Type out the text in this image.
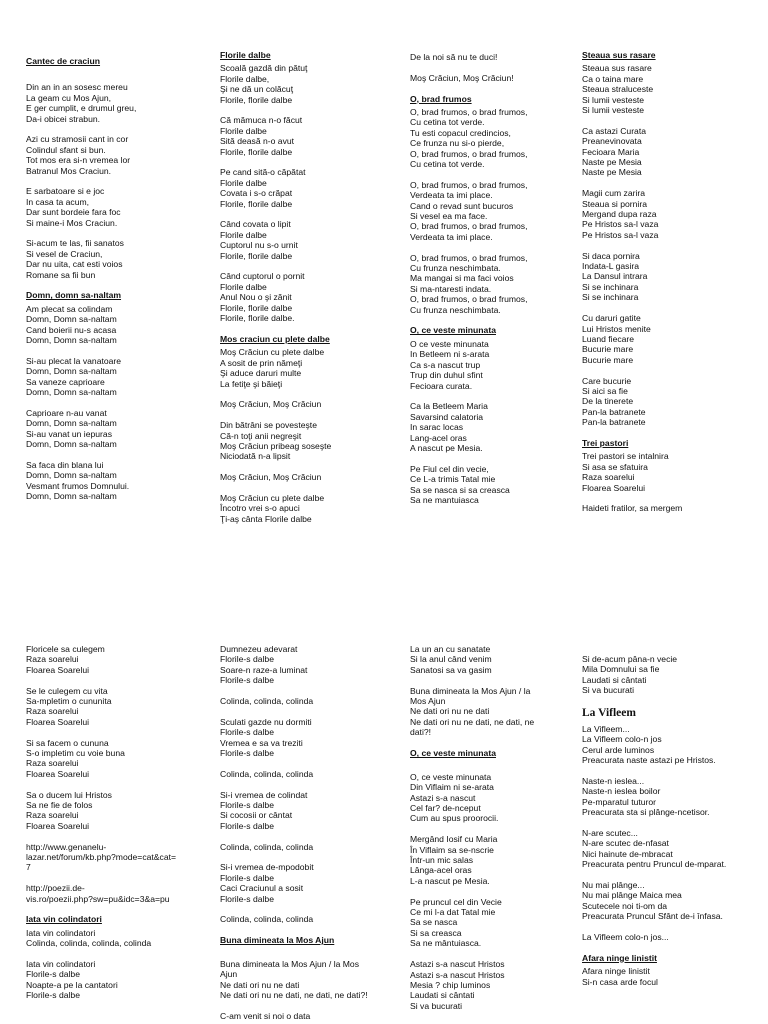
Cantec de craciun
Din an in an sosesc mereu
La geam cu Mos Ajun,
E ger cumplit, e drumul greu,
Da-i obicei strabun.
Azi cu stramosii cant in cor
Colindul sfant si bun.
Tot mos era si-n vremea lor
Batranul Mos Craciun.
E sarbatoare si e joc
In casa ta acum,
Dar sunt bordeie fara foc
Si maine-i Mos Craciun.
Si-acum te las, fii sanatos
Si vesel de Craciun,
Dar nu uita, cat esti voios
Romane sa fii bun
Domn, domn sa-naltam
Am plecat sa colindam
Domn, Domn sa-naltam
Cand boierii nu-s acasa
Domn, Domn sa-naltam
Si-au plecat la vanatoare
Domn, Domn sa-naltam
Sa vaneze caprioare
Domn, Domn sa-naltam
Caprioare n-au vanat
Domn, Domn sa-naltam
Si-au vanat un iepuras
Domn, Domn sa-naltam
Sa faca din blana lui
Domn, Domn sa-naltam
Vesmant frumos Domnului.
Domn, Domn sa-naltam
Florile dalbe
Scoală gazdă din pătuţ
Florile dalbe,
Şi ne dă un colăcuţ
Florile, florile dalbe
Că mămuca n-o făcut
Florile dalbe
Sită deasă n-o avut
Florile, florile dalbe
Pe cand sită-o căpătat
Florile dalbe
Covata i s-o crăpat
Florile, florile dalbe
Când covata o lipit
Florile dalbe
Cuptorul nu s-o urnit
Florile, florile dalbe
Când cuptorul o pornit
Florile dalbe
Anul Nou o şi zănit
Florile, florile dalbe
Florile, florile dalbe.
Mos craciun cu plete dalbe
Moş Crăciun cu plete dalbe
A sosit de prin nămeţi
Şi aduce daruri multe
La fetiţe şi băieţi
Moş Crăciun, Moş Crăciun
Din bătrâni se povesteşte
Că-n toţi anii negreşit
Moş Crăciun pribeag soseşte
Niciodată n-a lipsit
Moş Crăciun, Moş Crăciun
Moş Crăciun cu plete dalbe
Încotro vrei s-o apuci
Ţi-aş cânta Florile dalbe
De la noi să nu te duci!
Moş Crăciun, Moş Crăciun!
O, brad frumos
O, brad frumos, o brad frumos,
Cu cetina tot verde.
Tu esti copacul credincios,
Ce frunza nu si-o pierde,
O, brad frumos, o brad frumos,
Cu cetina tot verde.
O, brad frumos, o brad frumos,
Verdeata ta imi place.
Cand o revad sunt bucuros
Si vesel ea ma face.
O, brad frumos, o brad frumos,
Verdeata ta imi place.
O, brad frumos, o brad frumos,
Cu frunza neschimbata.
Ma mangai si ma faci voios
Si ma-ntaresti indata.
O, brad frumos, o brad frumos,
Cu frunza neschimbata.
O, ce veste minunata
O ce veste minunata
In Betleem ni s-arata
Ca s-a nascut trup
Trup din duhul sfint
Fecioara curata.
Ca la Betleem Maria
Savarsind calatoria
In sarac locas
Lang-acel oras
A nascut pe Mesia.
Pe Fiul cel din vecie,
Ce L-a trimis Tatal mie
Sa se nasca si sa creasca
Sa ne mantuiasca
Steaua sus rasare
Steaua sus rasare
Ca o taina mare
Steaua straluceste
Si lumii vesteste
Si lumii vesteste
Ca astazi Curata
Preanevinovata
Fecioara Maria
Naste pe Mesia
Naste pe Mesia
Magii cum zarira
Steaua si pornira
Mergand dupa raza
Pe Hristos sa-l vaza
Pe Hristos sa-l vaza
Si daca pornira
Indata-L gasira
La Dansul intrara
Si se inchinara
Si se inchinara
Cu daruri gatite
Lui Hristos menite
Luand fiecare
Bucurie mare
Bucurie mare
Care bucurie
Si aici sa fie
De la tinerete
Pan-la batranete
Pan-la batranete
Trei pastori
Trei pastori se intalnira
Si asa se sfatuira
Raza soarelui
Floarea Soarelui
Haideti fratilor, sa mergem
Floricele sa culegem
Raza soarelui
Floarea Soarelui
Se le culegem cu vita
Sa-mpletim o cununita
Raza soarelui
Floarea Soarelui
Si sa facem o cununa
S-o impletim cu voie buna
Raza soarelui
Floarea Soarelui
Sa o ducem lui Hristos
Sa ne fie de folos
Raza soarelui
Floarea Soarelui
http://www.genanelu-
lazar.net/forum/kb.php?mode=cat&cat=
7
http://poezii.de-
vis.ro/poezii.php?sw=pu&idc=3&a=pu
Iata vin colindatori
Iata vin colindatori
Colinda, colinda, colinda, colinda
Iata vin colindatori
Florile-s dalbe
Noapte-a pe la cantatori
Florile-s dalbe
Dumnezeu adevarat
Florile-s dalbe
Soare-n raze-a luminat
Florile-s dalbe
Colinda, colinda, colinda
Sculati gazde nu dormiti
Florile-s dalbe
Vremea e sa va treziti
Florile-s dalbe
Colinda, colinda, colinda
Si-i vremea de colindat
Florile-s dalbe
Si cocosii or cântat
Florile-s dalbe
Colinda, colinda, colinda
Si-i vremea de-mpodobit
Florile-s dalbe
Caci Craciunul a sosit
Florile-s dalbe
Colinda, colinda, colinda
Buna dimineata la Mos Ajun
Buna dimineata la Mos Ajun / la Mos
Ajun
Ne dati ori nu ne dati
Ne dati ori nu ne dati, ne dati, ne dati?!
C-am venit si noi o data
La un an cu sanatate
Si la anul când venim
Sanatosi sa va gasim
Buna dimineata la Mos Ajun / la
Mos Ajun
Ne dati ori nu ne dati
Ne dati ori nu ne dati, ne dati, ne
dati?!
O, ce veste minunata
O, ce veste minunata
Din Viflaim ni se-arata
Astazi s-a nascut
Cel far? de-nceput
Cum au spus proorocii.
Mergând Iosif cu Maria
În Viflaim sa se-nscrie
Într-un mic salas
Lânga-acel oras
L-a nascut pe Mesia.
Pe pruncul cel din Vecie
Ce mi l-a dat Tatal mie
Sa se nasca
Si sa creasca
Sa ne mântuiasca.
Astazi s-a nascut Hristos
Astazi s-a nascut Hristos
Mesia ? chip luminos
Laudati si cântati
Si va bucurati
Si de-acum pâna-n vecie
Mila Domnului sa fie
Laudati si cântati
Si va bucurati
La Vifleem
La Vifleem...
La Vifleem colo-n jos
Cerul arde luminos
Preacurata naste astazi pe Hristos.
Naste-n ieslea...
Naste-n ieslea boilor
Pe-mparatul tuturor
Preacurata sta si plânge-ncetisor.
N-are scutec...
N-are scutec de-nfasat
Nici hainute de-mbracat
Preacurata pentru Pruncul de-mparat.
Nu mai plânge...
Nu mai plânge Maica mea
Scutecele noi ti-om da
Preacurata Pruncul Sfânt de-i înfasa.
La Vifleem colo-n jos...
Afara ninge linistit
Afara ninge linistit
Si-n casa arde focul
